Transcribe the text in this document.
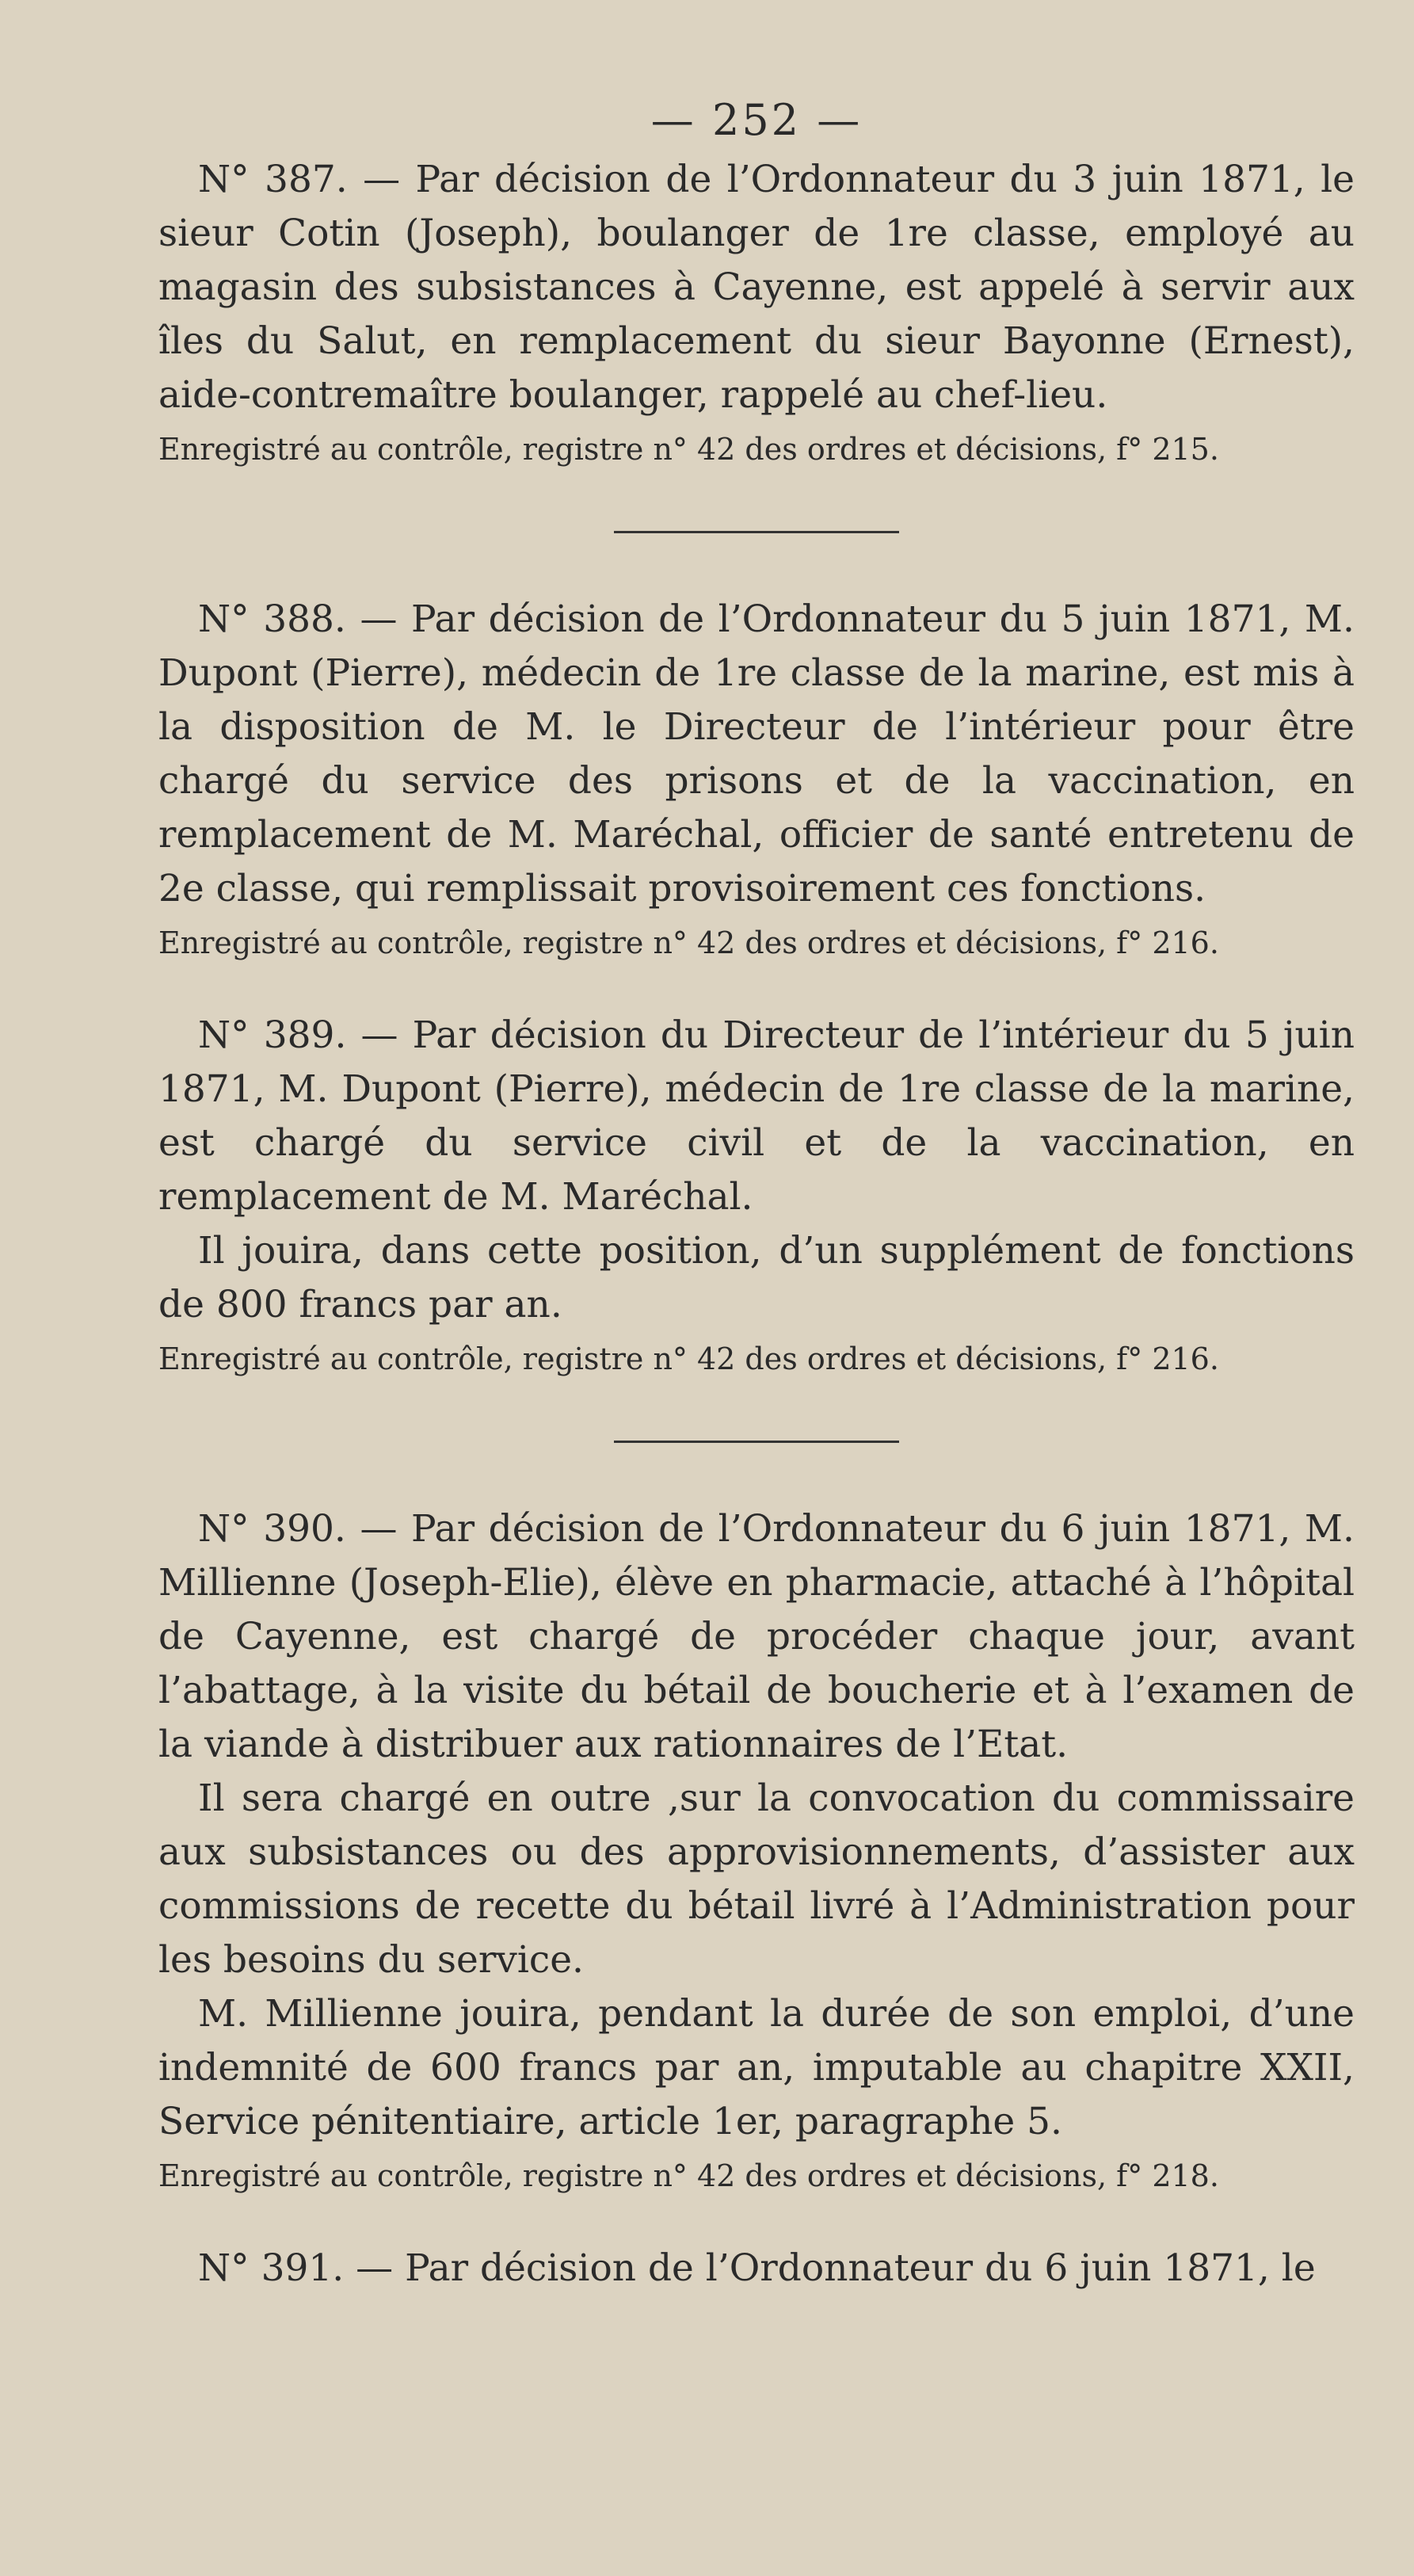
— 252 —

N° 387. — Par décision de l’Ordonnateur du 3 juin 1871, le sieur Cotin (Joseph), boulanger de 1re classe, employé au magasin des subsistances à Cayenne, est appelé à servir aux îles du Salut, en remplacement du sieur Bayonne (Ernest), aide-contremaître boulanger, rappelé au chef-lieu.

Enregistré au contrôle, registre n° 42 des ordres et décisions, f° 215.

N° 388. — Par décision de l’Ordonnateur du 5 juin 1871, M. Dupont (Pierre), médecin de 1re classe de la marine, est mis à la disposition de M. le Directeur de l’intérieur pour être chargé du service des prisons et de la vaccination, en remplacement de M. Maréchal, officier de santé entretenu de 2e classe, qui remplissait provisoirement ces fonctions.

Enregistré au contrôle, registre n° 42 des ordres et décisions, f° 216.

N° 389. — Par décision du Directeur de l’intérieur du 5 juin 1871, M. Dupont (Pierre), médecin de 1re classe de la marine, est chargé du service civil et de la vaccination, en remplacement de M. Maréchal.

Il jouira, dans cette position, d’un supplément de fonctions de 800 francs par an.

Enregistré au contrôle, registre n° 42 des ordres et décisions, f° 216.

N° 390. — Par décision de l’Ordonnateur du 6 juin 1871, M. Millienne (Joseph-Elie), élève en pharmacie, attaché à l’hôpital de Cayenne, est chargé de procéder chaque jour, avant l’abattage, à la visite du bétail de boucherie et à l’examen de la viande à distribuer aux rationnaires de l’Etat.

Il sera chargé en outre ,sur la convocation du commissaire aux subsistances ou des approvisionnements, d’assister aux commissions de recette du bétail livré à l’Administration pour les besoins du service.

M. Millienne jouira, pendant la durée de son emploi, d’une indemnité de 600 francs par an, imputable au chapitre XXII, Service pénitentiaire, article 1er, paragraphe 5.

Enregistré au contrôle, registre n° 42 des ordres et décisions, f° 218.

N° 391. — Par décision de l’Ordonnateur du 6 juin 1871, le
